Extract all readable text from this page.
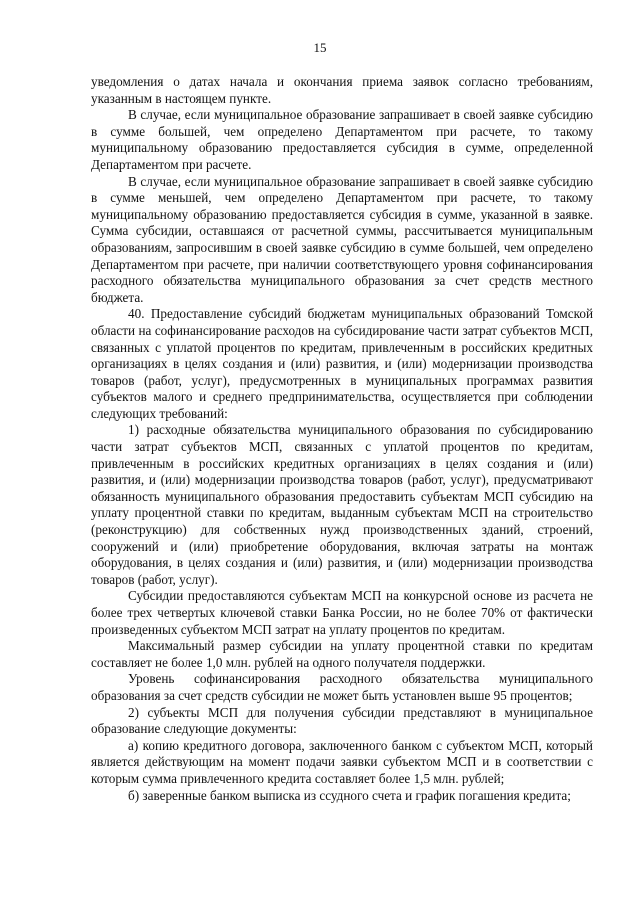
15

уведомления о датах начала и окончания приема заявок согласно требованиям, указанным в настоящем пункте.

В случае, если муниципальное образование запрашивает в своей заявке субсидию в сумме большей, чем определено Департаментом при расчете, то такому муниципальному образованию предоставляется субсидия в сумме, определенной Департаментом при расчете.

В случае, если муниципальное образование запрашивает в своей заявке субсидию в сумме меньшей, чем определено Департаментом при расчете, то такому муниципальному образованию предоставляется субсидия в сумме, указанной в заявке. Сумма субсидии, оставшаяся от расчетной суммы, рассчитывается муниципальным образованиям, запросившим в своей заявке субсидию в сумме большей, чем определено Департаментом при расчете, при наличии соответствующего уровня софинансирования расходного обязательства муниципального образования за счет средств местного бюджета.

40. Предоставление субсидий бюджетам муниципальных образований Томской области на софинансирование расходов на субсидирование части затрат субъектов МСП, связанных с уплатой процентов по кредитам, привлеченным в российских кредитных организациях в целях создания и (или) развития, и (или) модернизации производства товаров (работ, услуг), предусмотренных в муниципальных программах развития субъектов малого и среднего предпринимательства, осуществляется при соблюдении следующих требований:

1) расходные обязательства муниципального образования по субсидированию части затрат субъектов МСП, связанных с уплатой процентов по кредитам, привлеченным в российских кредитных организациях в целях создания и (или) развития, и (или) модернизации производства товаров (работ, услуг), предусматривают обязанность муниципального образования предоставить субъектам МСП субсидию на уплату процентной ставки по кредитам, выданным субъектам МСП на строительство (реконструкцию) для собственных нужд производственных зданий, строений, сооружений и (или) приобретение оборудования, включая затраты на монтаж оборудования, в целях создания и (или) развития, и (или) модернизации производства товаров (работ, услуг).

Субсидии предоставляются субъектам МСП на конкурсной основе из расчета не более трех четвертых ключевой ставки Банка России, но не более 70% от фактически произведенных субъектом МСП затрат на уплату процентов по кредитам.

Максимальный размер субсидии на уплату процентной ставки по кредитам составляет не более 1,0 млн. рублей на одного получателя поддержки.

Уровень софинансирования расходного обязательства муниципального образования за счет средств субсидии не может быть установлен выше 95 процентов;

2) субъекты МСП для получения субсидии представляют в муниципальное образование следующие документы:

а) копию кредитного договора, заключенного банком с субъектом МСП, который является действующим на момент подачи заявки субъектом МСП и в соответствии с которым сумма привлеченного кредита составляет более 1,5 млн. рублей;

б) заверенные банком выписка из ссудного счета и график погашения кредита;
